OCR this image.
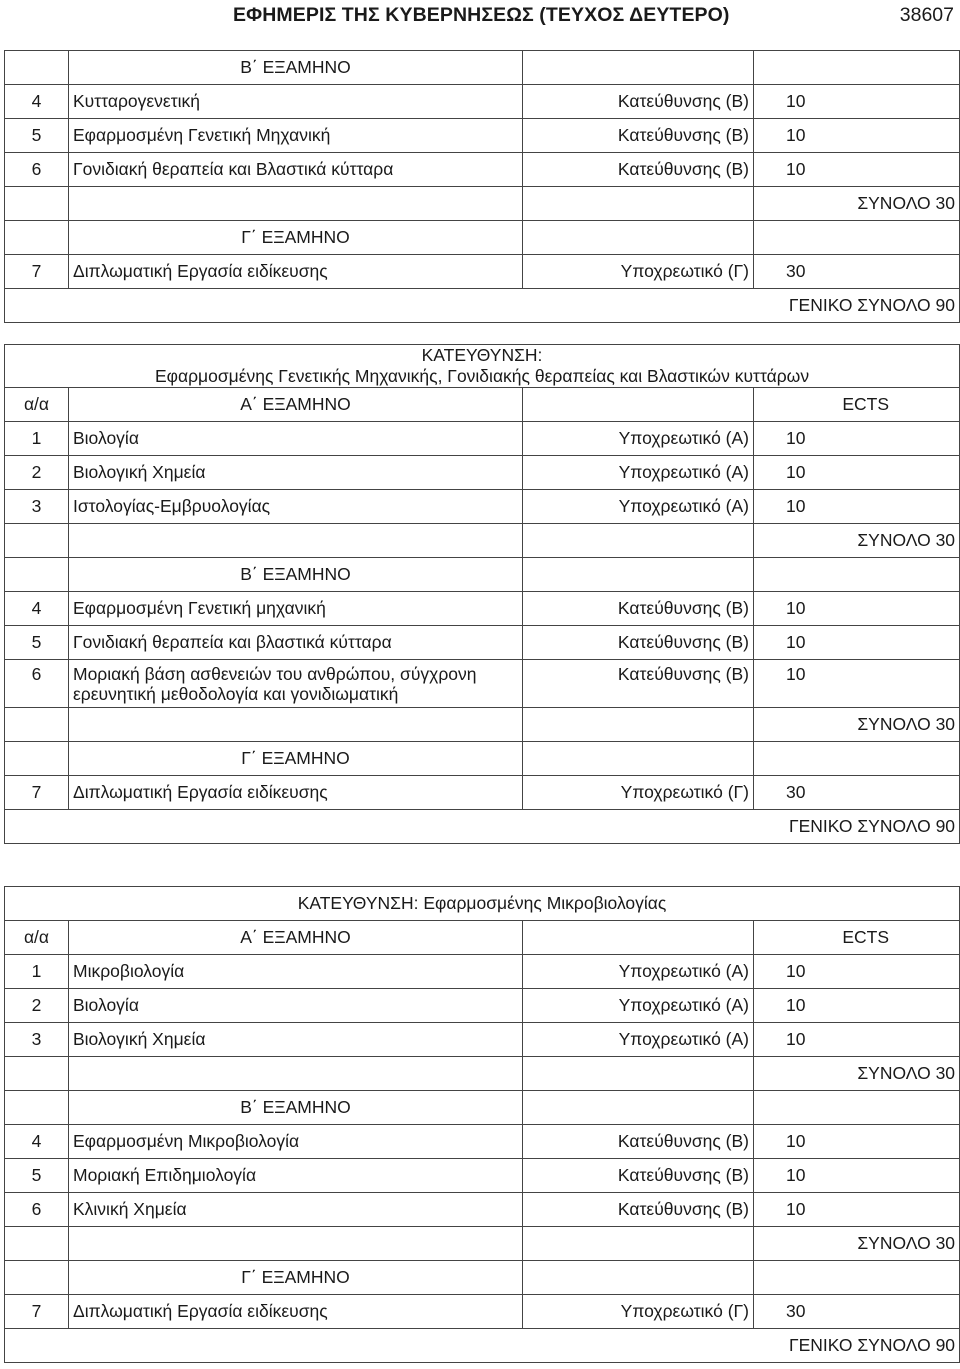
ΕΦΗΜΕΡΙΣ ΤΗΣ ΚΥΒΕΡΝΗΣΕΩΣ (ΤΕΥΧΟΣ ΔΕΥΤΕΡΟ)	38607
	Β΄ ΕΞΑΜΗΝΟ		
4	Κυτταρογενετική	Κατεύθυνσης (Β)	10
5	Εφαρμοσμένη Γενετική Μηχανική	Κατεύθυνσης (Β)	10
6	Γονιδιακή θεραπεία και Βλαστικά κύτταρα	Κατεύθυνσης (Β)	10
			ΣΥΝΟΛΟ 30
	Γ΄ ΕΞΑΜΗΝΟ		
7	Διπλωματική Εργασία ειδίκευσης	Υποχρεωτικό (Γ)	30
ΓΕΝΙΚΟ ΣΥΝΟΛΟ 90			
ΚΑΤΕΥΘΥΝΣΗ:
Εφαρμοσμένης Γενετικής Μηχανικής, Γονιδιακής θεραπείας και Βλαστικών κυττάρων			

α/α	Α΄ ΕΞΑΜΗΝΟ		ECTS
1	Βιολογία	Υποχρεωτικό (Α)	10
2	Βιολογική Χημεία	Υποχρεωτικό (Α)	10
3	Ιστολογίας-Εμβρυολογίας	Υποχρεωτικό (Α)	10
			ΣΥΝΟΛΟ 30
	Β΄ ΕΞΑΜΗΝΟ		
4	Εφαρμοσμένη Γενετική μηχανική	Κατεύθυνσης (Β)	10
5	Γονιδιακή θεραπεία και βλαστικά κύτταρα	Κατεύθυνσης (Β)	10
6	Μοριακή βάση ασθενειών του ανθρώπου, σύγχρονη ερευνητική μεθοδολογία και γονιδιωματική	Κατεύθυνσης (Β)	10
			ΣΥΝΟΛΟ 30
	Γ΄ ΕΞΑΜΗΝΟ		
7	Διπλωματική Εργασία ειδίκευσης	Υποχρεωτικό (Γ)	30
ΓΕΝΙΚΟ ΣΥΝΟΛΟ 90			
ΚΑΤΕΥΘΥΝΣΗ: Εφαρμοσμένης Μικροβιολογίας			
α/α	Α΄ ΕΞΑΜΗΝΟ		ECTS
1	Μικροβιολογία	Υποχρεωτικό (Α)	10
2	Βιολογία	Υποχρεωτικό (Α)	10
3	Βιολογική Χημεία	Υποχρεωτικό (Α)	10
			ΣΥΝΟΛΟ 30
	Β΄ ΕΞΑΜΗΝΟ		
4	Εφαρμοσμένη Μικροβιολογία	Κατεύθυνσης (Β)	10
5	Μοριακή Επιδημιολογία	Κατεύθυνσης (Β)	10
6	Κλινική Χημεία	Κατεύθυνσης (Β)	10
			ΣΥΝΟΛΟ 30
	Γ΄ ΕΞΑΜΗΝΟ		
7	Διπλωματική Εργασία ειδίκευσης	Υποχρεωτικό (Γ)	30
ΓΕΝΙΚΟ ΣΥΝΟΛΟ 90			
